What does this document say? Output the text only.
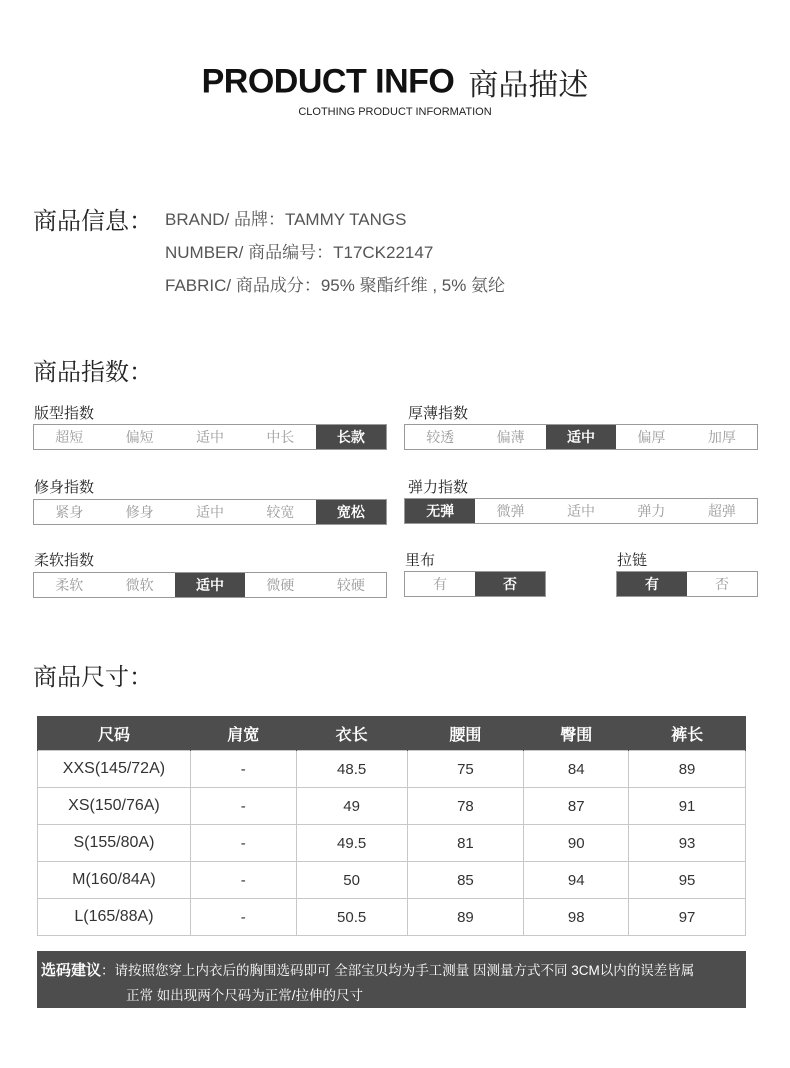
PRODUCT INFO 商品描述
CLOTHING PRODUCT INFORMATION
商品信息： BRAND/ 品牌：TAMMY TANGS
NUMBER/ 商品编号：T17CK22147
FABRIC/ 商品成分：95% 聚酯纤维 , 5% 氨纶
商品指数：
版型指数
超短	偏短	适中	中长	长款
厚薄指数
较透	偏薄	适中	偏厚	加厚
修身指数
紧身	修身	适中	较宽	宽松
弹力指数
无弹	微弹	适中	弹力	超弹
柔软指数
柔软	微软	适中	微硬	较硬
里布
有	否
拉链
有	否
商品尺寸：
尺码	肩宽	衣长	腰围	臀围	裤长
XXS(145/72A)	-	48.5	75	84	89
XS(150/76A)	-	49	78	87	91
S(155/80A)	-	49.5	81	90	93
M(160/84A)	-	50	85	94	95
L(165/88A)	-	50.5	89	98	97
选码建议：请按照您穿上内衣后的胸围选码即可 全部宝贝均为手工测量 因测量方式不同 3CM以内的误差皆属
正常 如出现两个尺码为正常/拉伸的尺寸
